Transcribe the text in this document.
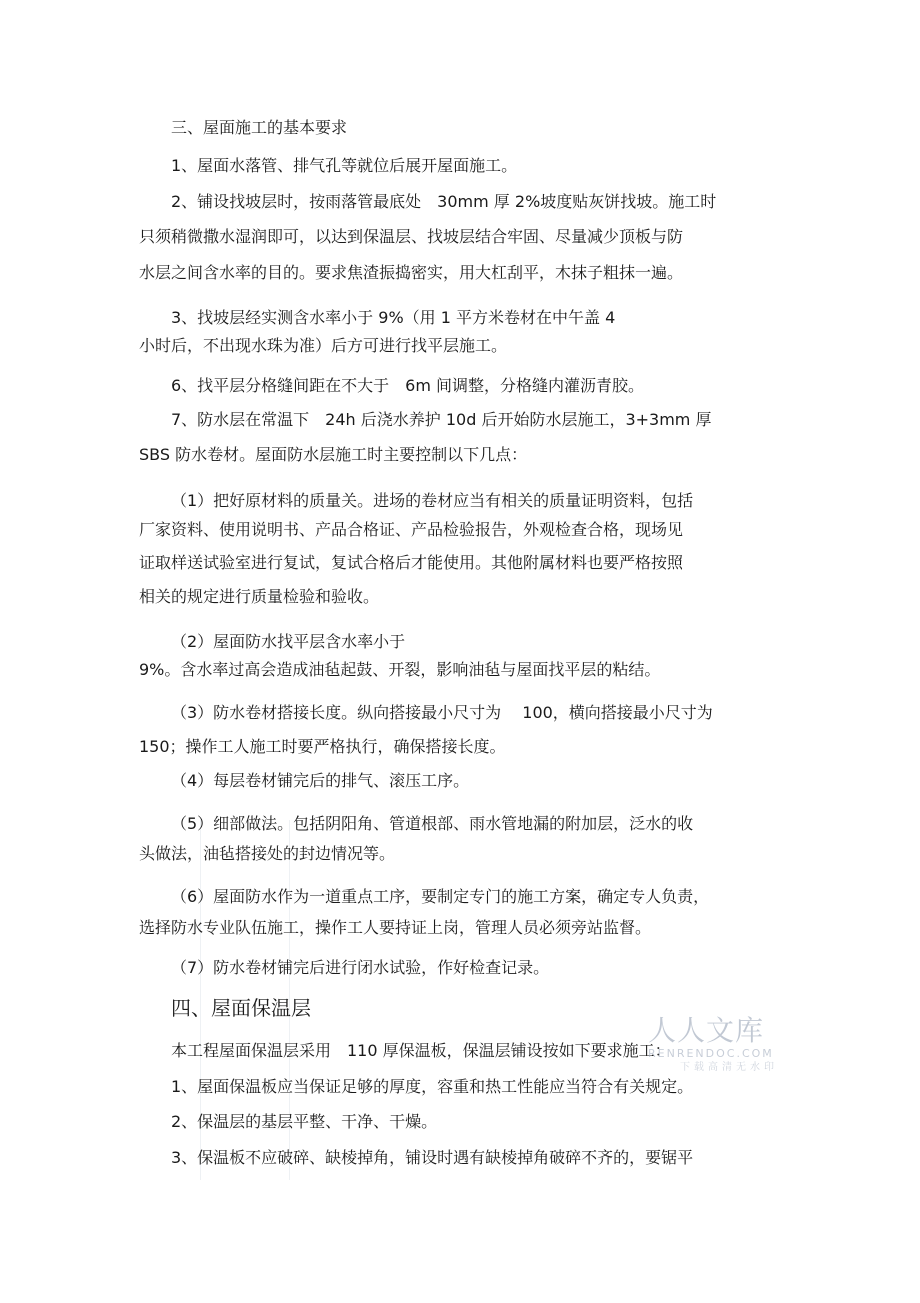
三、屋面施工的基本要求
1、屋面水落管、排气孔等就位后展开屋面施工。
2、铺设找坡层时，按雨落管最底处　30mm 厚 2%坡度贴灰饼找坡。施工时
只须稍微撒水湿润即可，以达到保温层、找坡层结合牢固、尽量减少顶板与防
水层之间含水率的目的。要求焦渣振捣密实，用大杠刮平，木抹子粗抹一遍。
3、找坡层经实测含水率小于 9%（用 1 平方米卷材在中午盖 4
小时后，不出现水珠为准）后方可进行找平层施工。
6、找平层分格缝间距在不大于　6m 间调整，分格缝内灌沥青胶。
7、防水层在常温下　24h 后浇水养护 10d 后开始防水层施工，3+3mm 厚
SBS 防水卷材。屋面防水层施工时主要控制以下几点：
（1）把好原材料的质量关。进场的卷材应当有相关的质量证明资料，包括
厂家资料、使用说明书、产品合格证、产品检验报告，外观检查合格，现场见
证取样送试验室进行复试，复试合格后才能使用。其他附属材料也要严格按照
相关的规定进行质量检验和验收。
（2）屋面防水找平层含水率小于
9%。含水率过高会造成油毡起鼓、开裂，影响油毡与屋面找平层的粘结。
（3）防水卷材搭接长度。纵向搭接最小尺寸为　 100，横向搭接最小尺寸为
150；操作工人施工时要严格执行，确保搭接长度。
（4）每层卷材铺完后的排气、滚压工序。
（5）细部做法。包括阴阳角、管道根部、雨水管地漏的附加层，泛水的收
头做法，油毡搭接处的封边情况等。
（6）屋面防水作为一道重点工序，要制定专门的施工方案，确定专人负责，
选择防水专业队伍施工，操作工人要持证上岗，管理人员必须旁站监督。
（7）防水卷材铺完后进行闭水试验，作好检查记录。
四、屋面保温层
本工程屋面保温层采用　110 厚保温板，保温层铺设按如下要求施工：
1、屋面保温板应当保证足够的厚度，容重和热工性能应当符合有关规定。
2、保温层的基层平整、干净、干燥。
3、保温板不应破碎、缺棱掉角，铺设时遇有缺棱掉角破碎不齐的，要锯平
人人文库
RENRENDOC.COM
下载高清无水印
